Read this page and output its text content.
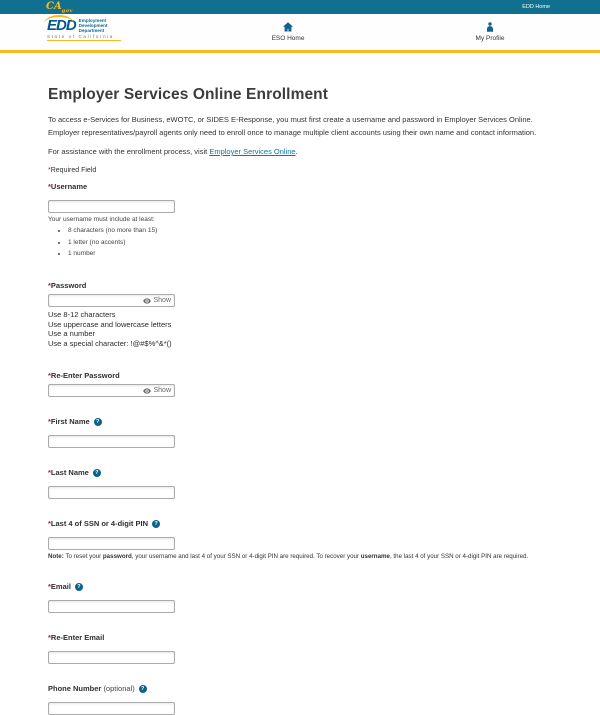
$CA_{gov}$
EDD Home
EDD Employment
Development
Department
State of California	ESO Home	My Profile
Employer Services Online Enrollment

To access e-Services for Business, eWOTC, or SIDES E-Response, you must first create a username and password in Employer Services Online. Employer representatives/payroll agents only need to enroll once to manage multiple client accounts using their own name and contact information.

For assistance with the enrollment process, visit Employer Services Online.

*Required Field

*Username
Your username must include at least:
• 8 characters (no more than 15)
• 1 letter (no accents)
• 1 number
*Password
Show
Use 8-12 characters
Use uppercase and lowercase letters
Use a number
Use a special character: !@#$%^&*()
*Re-Enter Password
Show
*First Name	?
*Last Name	?
*Last 4 of SSN or 4-digit PIN	?
Note: To reset your password, your username and last 4 of your SSN or 4-digit PIN are required. To recover your username, the last 4 of your SSN or 4-digit PIN are required.
*Email	?
*Re-Enter Email
Phone Number (optional)	?
